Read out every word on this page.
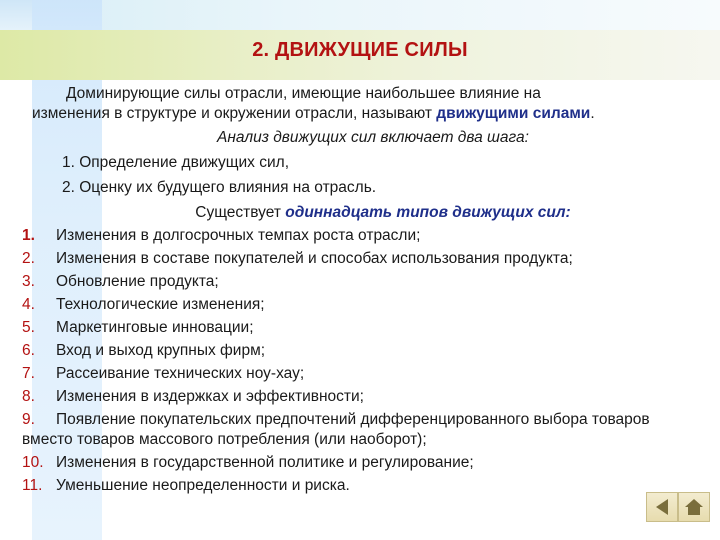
2. ДВИЖУЩИЕ СИЛЫ
Доминирующие силы отрасли, имеющие наибольшее влияние на
изменения в структуре и окружении отрасли, называют движущими силами.
Анализ движущих сил включает два шага:
1. Определение движущих сил,
2. Оценку их будущего влияния на отрасль.
Существует одиннадцать типов движущих сил:
1.	Изменения в долгосрочных темпах роста отрасли;
2.	Изменения в составе покупателей и способах использования продукта;
3.	Обновление продукта;
4.	Технологические изменения;
5.	Маркетинговые инновации;
6.	Вход и выход крупных фирм;
7.	Рассеивание технических ноу-хау;
8.	Изменения в издержках и эффективности;
9. Появление покупательских предпочтений дифференцированного выбора товаров вместо товаров массового потребления (или наоборот);
10. Изменения в государственной политике и регулирование;
11. Уменьшение неопределенности и риска.
